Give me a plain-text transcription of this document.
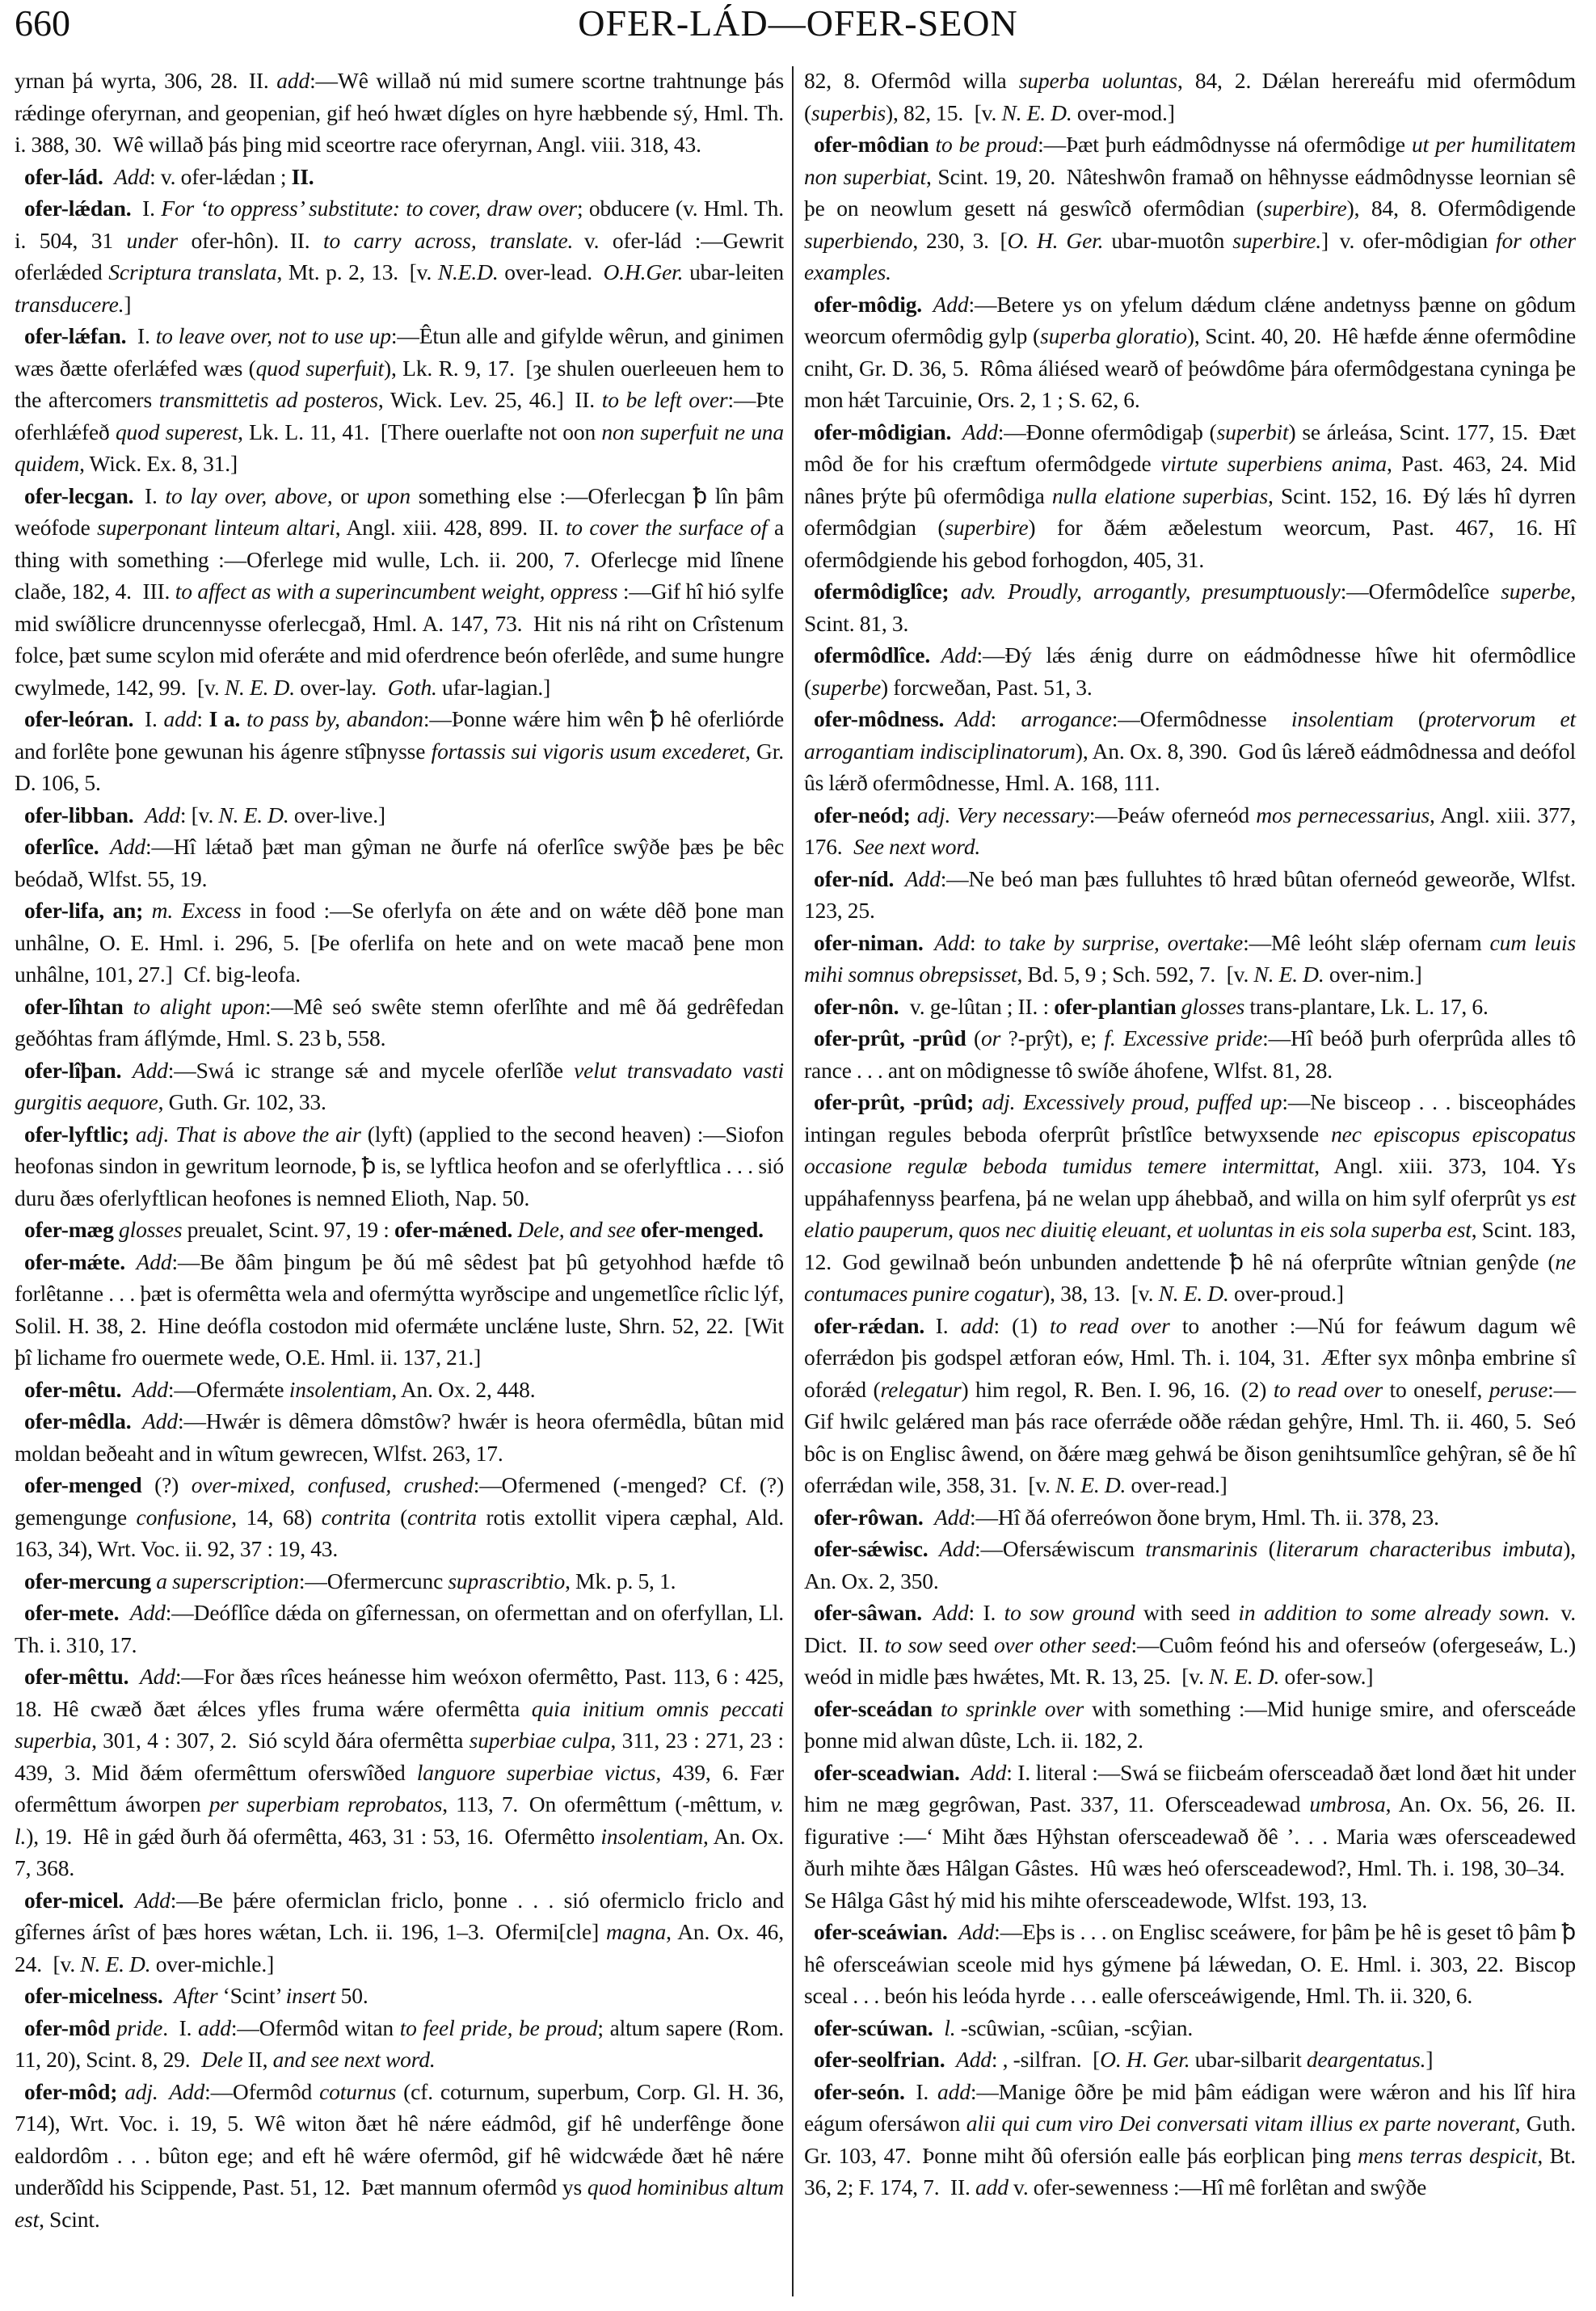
660	OFER-LÁD—OFER-SEON

yrnan þá wyrta, 306, 28. II. add:—Wê willað nú mid sumere scortne trahtnunge þás rǽdinge oferyrnan, and geopenian, gif heó hwæt dígles on hyre hæbbende sý, Hml. Th. i. 388, 30. Wê willað þás þing mid sceortre race oferyrnan, Angl. viii. 318, 43.

ofer-lád.  Add: v. ofer-lǽdan ; II.

ofer-lǽdan. I. For ‘to oppress’ substitute: to cover, draw over; obducere (v. Hml. Th. i. 504, 31 under ofer-hôn). II. to carry across, translate. v. ofer-lád :—Gewrit oferlǽded Scriptura translata, Mt. p. 2, 13. [v. N.E.D. over-lead. O.H.Ger. ubar-leiten transducere.]

ofer-lǽfan. I. to leave over, not to use up:—Êtun alle and gifylde wêrun, and ginimen wæs ðætte oferlǽfed wæs (quod superfuit), Lk. R. 9, 17. [ȝe shulen ouerleeuen hem to the aftercomers transmittetis ad posteros, Wick. Lev. 25, 46.] II. to be left over:—Þte oferhlǽfeð quod superest, Lk. L. 11, 41. [There ouerlafte not oon non superfuit ne una quidem, Wick. Ex. 8, 31.]

ofer-lecgan. I. to lay over, above, or upon something else :—Oferlecgan ꝥ lîn þâm weófode superponant linteum altari, Angl. xiii. 428, 899. II. to cover the surface of a thing with something :—Oferlege mid wulle, Lch. ii. 200, 7. Oferlecge mid lînene claðe, 182, 4. III. to affect as with a superincumbent weight, oppress :—Gif hî hió sylfe mid swíðlicre druncennysse oferlecgað, Hml. A. 147, 73. Hit nis ná riht on Crîstenum folce, þæt sume scylon mid oferǽte and mid oferdrence beón oferlêde, and sume hungre cwylmede, 142, 99. [v. N. E. D. over-lay. Goth. ufar-lagian.]

ofer-leóran. I. add: I a. to pass by, abandon:—Þonne wǽre him wên ꝥ hê oferliórde and forlête þone gewunan his ágenre stîþnysse fortassis sui vigoris usum excederet, Gr. D. 106, 5.

ofer-libban.  Add: [v. N. E. D. over-live.]

oferlîce.  Add:—Hî lǽtað þæt man gŷman ne ðurfe ná oferlîce swŷðe þæs þe bêc beódað, Wlfst. 55, 19.

ofer-lifa, an; m. Excess in food :—Se oferlyfa on ǽte and on wǽte dêð þone man unhâlne, O. E. Hml. i. 296, 5. [Þe oferlifa on hete and on wete macað þene mon unhâlne, 101, 27.] Cf. big-leofa.

ofer-lîhtan to alight upon:—Mê seó swête stemn oferlîhte and mê ðá gedrêfedan geðóhtas fram áflýmde, Hml. S. 23 b, 558.

ofer-lîþan.  Add:—Swá ic strange sǽ and mycele oferlîðe velut transvadato vasti gurgitis aequore, Guth. Gr. 102, 33.

ofer-lyftlic; adj. That is above the air (lyft) (applied to the second heaven) :—Siofon heofonas sindon in gewritum leornode, ꝥ is, se lyftlica heofon and se oferlyftlica . . . sió duru ðæs oferlyftlican heofones is nemned Elioth, Nap. 50.

ofer-mæg glosses preualet, Scint. 97, 19 : ofer-mǽned. Dele, and see ofer-menged.

ofer-mǽte.  Add:—Be ðâm þingum þe ðú mê sêdest þat þû getyohhod hæfde tô forlêtanne . . . þæt is ofermêtta wela and ofermýtta wyrðscipe and ungemetlîce rîclic lýf, Solil. H. 38, 2. Hine deófla costodon mid ofermǽte unclǽne luste, Shrn. 52, 22. [Wit þî lichame fro ouermete wede, O.E. Hml. ii. 137, 21.]

ofer-mêtu.  Add:—Ofermǽte insolentiam, An. Ox. 2, 448.

ofer-mêdla.  Add:—Hwǽr is dêmera dômstôw? hwǽr is heora ofermêdla, bûtan mid moldan beðeaht and in wîtum gewrecen, Wlfst. 263, 17.

ofer-menged (?) over-mixed, confused, crushed:—Ofermened (-menged? Cf. (?) gemengunge confusione, 14, 68) contrita (contrita rotis extollit vipera cæphal, Ald. 163, 34), Wrt. Voc. ii. 92, 37 : 19, 43.

ofer-mercung a superscription:—Ofermercunc suprascribtio, Mk. p. 5, 1.

ofer-mete.  Add:—Deóflîce dǽda on gîfernessan, on ofermettan and on oferfyllan, Ll. Th. i. 310, 17.

ofer-mêttu.  Add:—For ðæs rîces heánesse him weóxon ofermêtto, Past. 113, 6 : 425, 18. Hê cwæð ðæt ǽlces yfles fruma wǽre ofermêtta quia initium omnis peccati superbia, 301, 4 : 307, 2. Sió scyld ðára ofermêtta superbiae culpa, 311, 23 : 271, 23 : 439, 3. Mid ðǽm ofermêttum oferswîðed languore superbiae victus, 439, 6. Fær ofermêttum áworpen per superbiam reprobatos, 113, 7. On ofermêttum (-mêttum, v. l.), 19. Hê in gǽd ðurh ðá ofermêtta, 463, 31 : 53, 16. Ofermêtto insolentiam, An. Ox. 7, 368.

ofer-micel.  Add:—Be þǽre ofermiclan friclo, þonne . . . sió ofermiclo friclo and gîfernes árîst of þæs hores wǽtan, Lch. ii. 196, 1–3. Ofermi[cle] magna, An. Ox. 46, 24. [v. N. E. D. over-michle.]

ofer-micelness.  After ‘Scint’ insert 50.

ofer-môd pride. I. add:—Ofermôd witan to feel pride, be proud; altum sapere (Rom. 11, 20), Scint. 8, 29. Dele II, and see next word.

ofer-môd; adj.  Add:—Ofermôd coturnus (cf. coturnum, superbum, Corp. Gl. H. 36, 714), Wrt. Voc. i. 19, 5. Wê witon ðæt hê nǽre eádmôd, gif hê underfênge ðone ealdordôm . . . bûton ege; and eft hê wǽre ofermôd, gif hê widcwǽde ðæt hê nǽre underðîdd his Scippende, Past. 51, 12. Þæt mannum ofermôd ys quod hominibus altum est, Scint.

82, 8. Ofermôd willa superba uoluntas, 84, 2. Dǽlan herereáfu mid ofermôdum (superbis), 82, 15. [v. N. E. D. over-mod.]

ofer-môdian to be proud:—Þæt þurh eádmôdnysse ná ofermôdige ut per humilitatem non superbiat, Scint. 19, 20. Nâteshwôn framað on hêhnysse eádmôdnysse leornian sê þe on neowlum gesett ná geswîcð ofermôdian (superbire), 84, 8. Ofermôdigende superbiendo, 230, 3. [O. H. Ger. ubar-muotôn superbire.] v. ofer-môdigian for other examples.

ofer-môdig.  Add:—Betere ys on yfelum dǽdum clǽne andetnyss þænne on gôdum weorcum ofermôdig gylp (superba gloratio), Scint. 40, 20. Hê hæfde ǽnne ofermôdine cniht, Gr. D. 36, 5. Rôma áliésed wearð of þeówdôme þára ofermôdgestana cyninga þe mon hǽt Tarcuinie, Ors. 2, 1 ; S. 62, 6.

ofer-môdigian.  Add:—Ðonne ofermôdigaþ (superbit) se árleása, Scint. 177, 15. Ðæt môd ðe for his cræftum ofermôdgede virtute superbiens anima, Past. 463, 24. Mid nânes þrýte þû ofermôdiga nulla elatione superbias, Scint. 152, 16. Ðý lǽs hî dyrren ofermôdgian (superbire) for ðǽm æðelestum weorcum, Past. 467, 16. Hî ofermôdgiende his gebod forhogdon, 405, 31.

ofermôdiglîce; adv. Proudly, arrogantly, presumptuously:—Ofermôdelîce superbe, Scint. 81, 3.

ofermôdlîce.  Add:—Ðý lǽs ǽnig durre on eádmôdnesse hîwe hit ofermôdlice (superbe) forcweðan, Past. 51, 3.

ofer-môdness.  Add: arrogance:—Ofermôdnesse insolentiam (protervorum et arrogantiam indisciplinatorum), An. Ox. 8, 390. God ûs lǽreð eádmôdnessa and deófol ûs lǽrð ofermôdnesse, Hml. A. 168, 111.

ofer-neód; adj. Very necessary:—Þeáw oferneód mos pernecessarius, Angl. xiii. 377, 176. See next word.

ofer-níd.  Add:—Ne beó man þæs fulluhtes tô hræd bûtan oferneód geweorðe, Wlfst. 123, 25.

ofer-niman.  Add: to take by surprise, overtake:—Mê leóht slǽp ofernam cum leuis mihi somnus obrepsisset, Bd. 5, 9 ; Sch. 592, 7. [v. N. E. D. over-nim.]

ofer-nôn. v. ge-lûtan ; II. : ofer-plantian glosses trans-plantare, Lk. L. 17, 6.

ofer-prût, -prûd (or ?-prŷt), e; f. Excessive pride:—Hî beóð þurh oferprûda alles tô rance . . . ant on môdignesse tô swíðe áhofene, Wlfst. 81, 28.

ofer-prût, -prûd; adj. Excessively proud, puffed up:—Ne bisceop . . . bisceophádes intingan regules beboda oferprût þrîstlîce betwyxsende nec episcopus episcopatus occasione regulæ beboda tumidus temere intermittat, Angl. xiii. 373, 104. Ys uppáhafennyss þearfena, þá ne welan upp áhebbað, and willa on him sylf oferprût ys est elatio pauperum, quos nec diuitię eleuant, et uoluntas in eis sola superba est, Scint. 183, 12. God gewilnað beón unbunden andettende ꝥ hê ná oferprûte wîtnian genŷde (ne contumaces punire cogatur), 38, 13. [v. N. E. D. over-proud.]

ofer-rǽdan. I. add: (1) to read over to another :—Nú for feáwum dagum wê oferrǽdon þis godspel ætforan eów, Hml. Th. i. 104, 31. Æfter syx mônþa embrine sî oforǽd (relegatur) him regol, R. Ben. I. 96, 16. (2) to read over to oneself, peruse:—Gif hwilc gelǽred man þás race oferrǽde oððe rǽdan gehŷre, Hml. Th. ii. 460, 5. Seó bôc is on Englisc âwend, on ðǽre mæg gehwá be ðison genihtsumlîce gehŷran, sê ðe hî oferrǽdan wile, 358, 31. [v. N. E. D. over-read.]

ofer-rôwan.  Add:—Hî ðá oferreówon ðone brym, Hml. Th. ii. 378, 23.

ofer-sǽwisc.  Add:—Ofersǽwiscum transmarinis (literarum characteribus imbuta), An. Ox. 2, 350.

ofer-sâwan.  Add: I. to sow ground with seed in addition to some already sown. v. Dict. II. to sow seed over other seed:—Cuôm feónd his and oferseów (ofergeseáw, L.) weód in midle þæs hwǽtes, Mt. R. 13, 25. [v. N. E. D. ofer-sow.]

ofer-sceádan to sprinkle over with something :—Mid hunige smire, and ofersceáde þonne mid alwan dûste, Lch. ii. 182, 2.

ofer-sceadwian.  Add: I. literal :—Swá se fiicbeám ofersceadað ðæt lond ðæt hit under him ne mæg gegrôwan, Past. 337, 11. Ofersceadewad umbrosa, An. Ox. 56, 26. II. figurative :—‘ Miht ðæs Hŷhstan ofersceadewað ðê ’. . . Maria wæs ofersceadewed ðurh mihte ðæs Hâlgan Gâstes. Hû wæs heó ofersceadewod?, Hml. Th. i. 198, 30–34. Se Hâlga Gâst hý mid his mihte ofersceadewode, Wlfst. 193, 13.

ofer-sceáwian.  Add:—Eþs is . . . on Englisc sceáwere, for þâm þe hê is geset tô þâm ꝥ hê ofersceáwian sceole mid hys gýmene þá lǽwedan, O. E. Hml. i. 303, 22. Biscop sceal . . . beón his leóda hyrde . . . ealle ofersceáwigende, Hml. Th. ii. 320, 6.

ofer-scúwan.  l. -scûwian, -scûian, -scŷian.

ofer-seolfrian.  Add: , -silfran. [O. H. Ger. ubar-silbarit deargentatus.]

ofer-seón. I. add:—Manige ôðre þe mid þâm eádigan were wǽron and his lîf hira eágum ofersáwon alii qui cum viro Dei conversati vitam illius ex parte noverant, Guth. Gr. 103, 47. Þonne miht ðû ofersión ealle þás eorþlican þing mens terras despicit, Bt. 36, 2; F. 174, 7. II. add v. ofer-sewenness :—Hî mê forlêtan and swŷðe
